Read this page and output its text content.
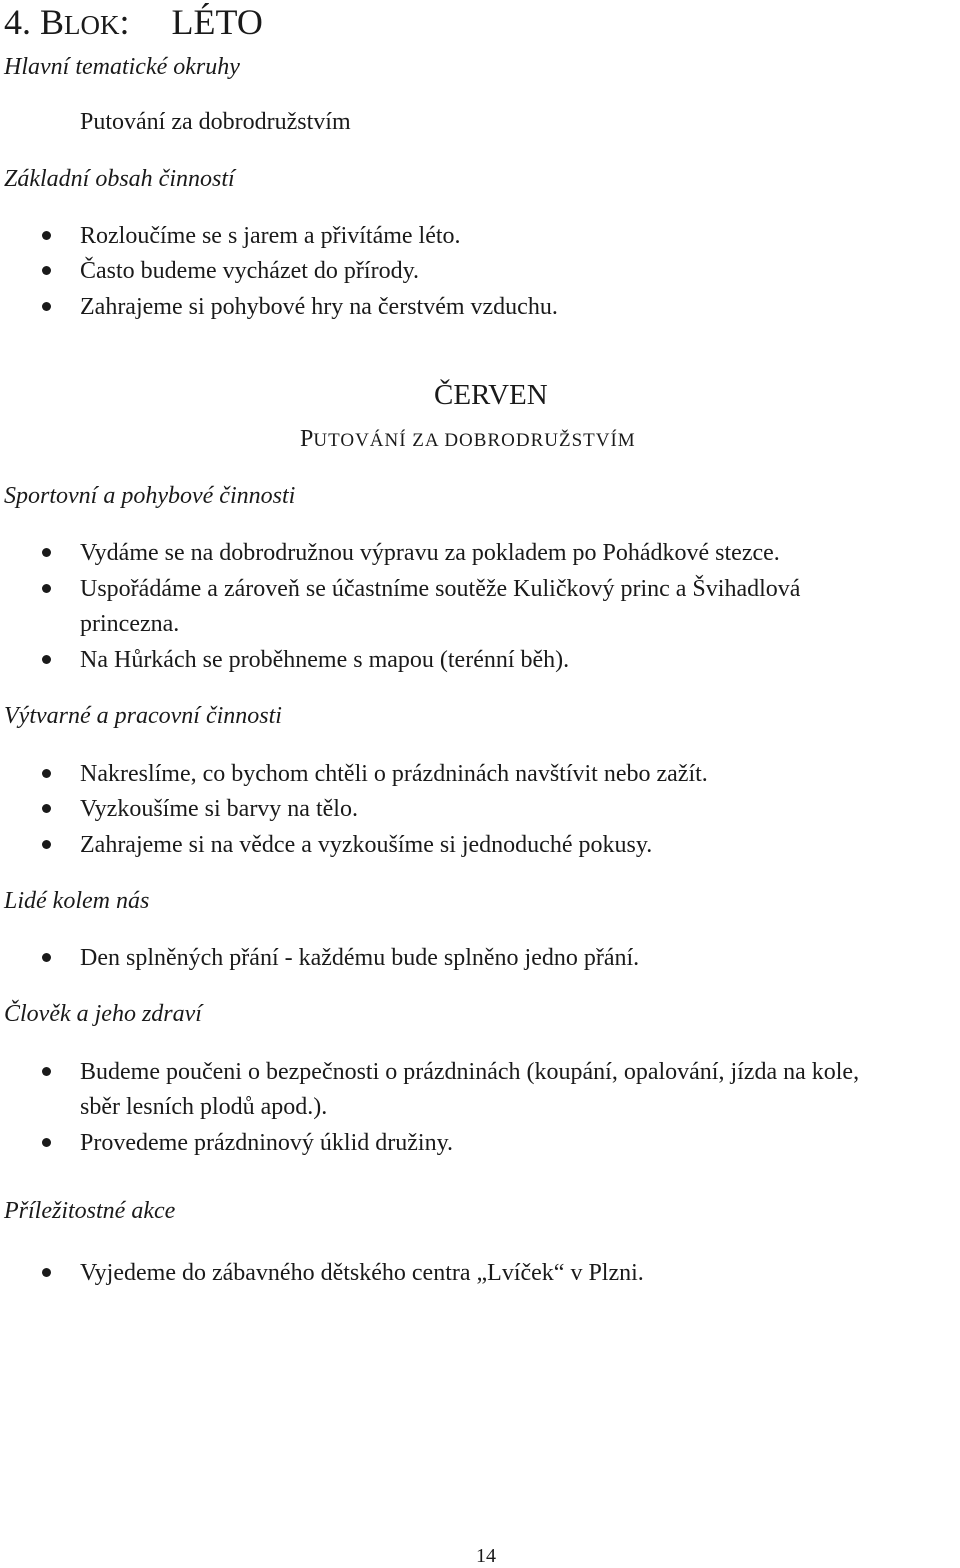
4. BLOK: LÉTO
Hlavní tematické okruhy
Putování za dobrodružstvím
Základní obsah činností
Rozloučíme se s jarem a přivítáme léto.
Často budeme vycházet do přírody.
Zahrajeme si pohybové hry na čerstvém vzduchu.
ČERVEN
PUTOVÁNÍ ZA DOBRODRUŽSTVÍM
Sportovní a pohybové činnosti
Vydáme se na dobrodružnou výpravu za pokladem po Pohádkové stezce.
Uspořádáme a zároveň se účastníme soutěže Kuličkový princ a Švihadlová
princezna.
Na Hůrkách se proběhneme s mapou (terénní běh).
Výtvarné a pracovní činnosti
Nakreslíme, co bychom chtěli o prázdninách navštívit nebo zažít.
Vyzkoušíme si barvy na tělo.
Zahrajeme si na vědce a vyzkoušíme si jednoduché pokusy.
Lidé kolem nás
Den splněných přání - každému bude splněno jedno přání.
Člověk a jeho zdraví
Budeme poučeni o bezpečnosti o prázdninách (koupání, opalování, jízda na kole,
sběr lesních plodů apod.).
Provedeme prázdninový úklid družiny.
Příležitostné akce
Vyjedeme do zábavného dětského centra „Lvíček“ v Plzni.
14
